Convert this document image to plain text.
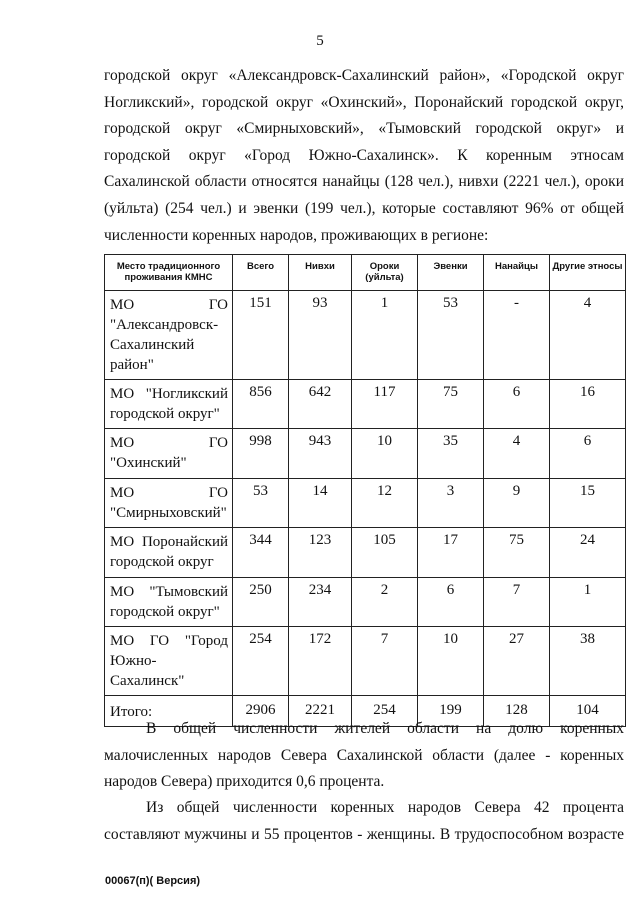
5
городской округ «Александровск-Сахалинский район», «Городской округ
Ногликский», городской округ «Охинский», Поронайский городской округ,
городской округ «Смирныховский», «Тымовский городской округ» и
городской округ «Город Южно-Сахалинск». К коренным этносам
Сахалинской области относятся нанайцы (128 чел.), нивхи (2221 чел.), ороки
(уйльта) (254 чел.) и эвенки (199 чел.), которые составляют 96% от общей
численности коренных народов, проживающих в регионе:
Место традиционного проживания КМНС	Всего	Нивхи	Ороки (уйльта)	Эвенки	Нанайцы	Другие этносы
МО ГО "Александровск-Сахалинский район"	151	93	1	53	-	4
МО "Ногликский городской округ"	856	642	117	75	6	16
МО ГО "Охинский"	998	943	10	35	4	6
МО ГО "Смирныховский"	53	14	12	3	9	15
МО Поронайский городской округ	344	123	105	17	75	24
МО "Тымовский городской округ"	250	234	2	6	7	1
МО ГО "Город Южно-Сахалинск"	254	172	7	10	27	38
Итого:	2906	2221	254	199	128	104
В общей численности жителей области на долю коренных
малочисленных народов Севера Сахалинской области (далее - коренных
народов Севера) приходится 0,6 процента.
Из общей численности коренных народов Севера 42 процента
составляют мужчины и 55 процентов - женщины. В трудоспособном возрасте
00067(п)( Версия)
